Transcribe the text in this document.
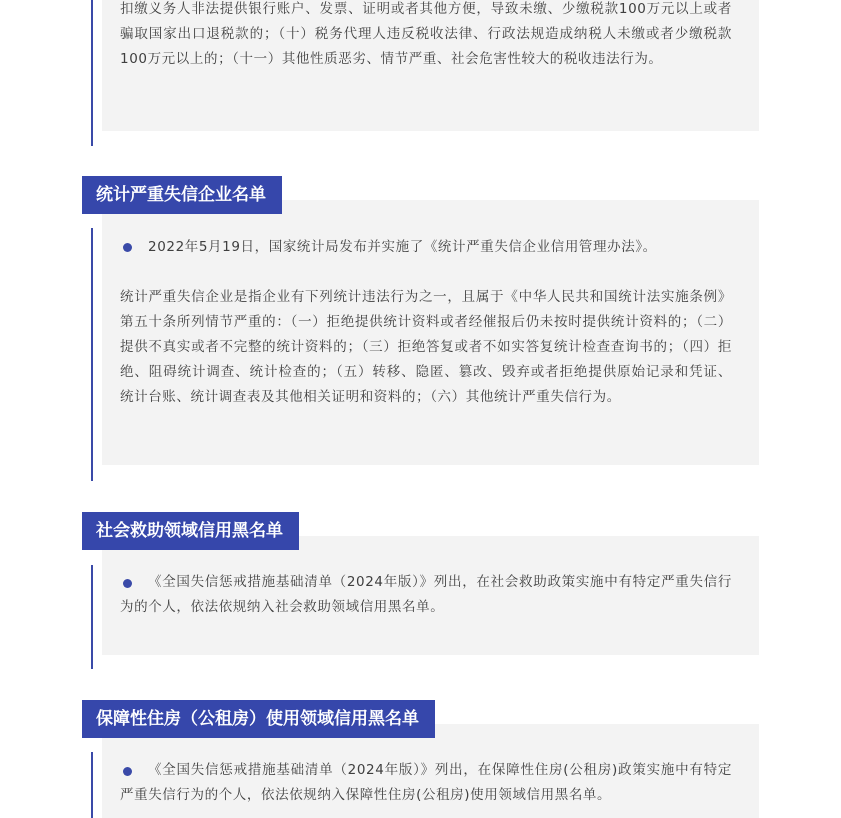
扣缴义务人非法提供银行账户、发票、证明或者其他方便，导致未缴、少缴税款100万元以上或者骗取国家出口退税款的；（十）税务代理人违反税收法律、行政法规造成纳税人未缴或者少缴税款100万元以上的；（十一）其他性质恶劣、情节严重、社会危害性较大的税收违法行为。

统计严重失信企业名单

2022年5月19日，国家统计局发布并实施了《统计严重失信企业信用管理办法》。

统计严重失信企业是指企业有下列统计违法行为之一，且属于《中华人民共和国统计法实施条例》第五十条所列情节严重的：（一）拒绝提供统计资料或者经催报后仍未按时提供统计资料的；（二）提供不真实或者不完整的统计资料的；（三）拒绝答复或者不如实答复统计检查查询书的；（四）拒绝、阻碍统计调查、统计检查的；（五）转移、隐匿、篡改、毁弃或者拒绝提供原始记录和凭证、统计台账、统计调查表及其他相关证明和资料的；（六）其他统计严重失信行为。

社会救助领域信用黑名单

《全国失信惩戒措施基础清单（2024年版）》列出，在社会救助政策实施中有特定严重失信行为的个人，依法依规纳入社会救助领域信用黑名单。

保障性住房（公租房）使用领域信用黑名单

《全国失信惩戒措施基础清单（2024年版）》列出，在保障性住房(公租房)政策实施中有特定严重失信行为的个人，依法依规纳入保障性住房(公租房)使用领域信用黑名单。
